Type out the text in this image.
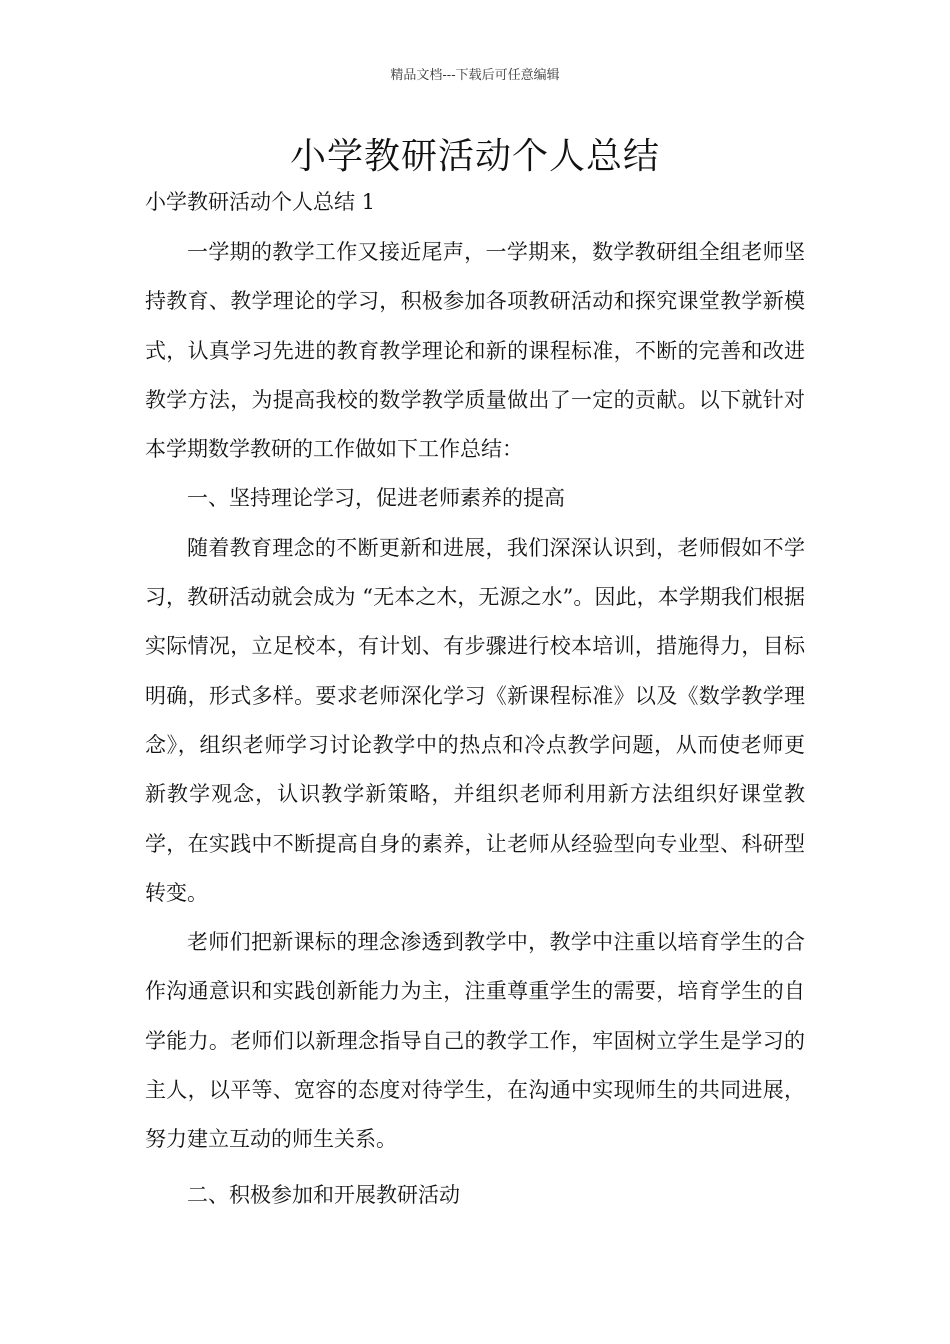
精品文档---下载后可任意编辑
小学教研活动个人总结

小学教研活动个人总结 1

一学期的教学工作又接近尾声，一学期来，数学教研组全组老师坚持教育、教学理论的学习，积极参加各项教研活动和探究课堂教学新模式，认真学习先进的教育教学理论和新的课程标准，不断的完善和改进教学方法，为提高我校的数学教学质量做出了一定的贡献。以下就针对本学期数学教研的工作做如下工作总结：

一、坚持理论学习，促进老师素养的提高

随着教育理念的不断更新和进展，我们深深认识到，老师假如不学习，教研活动就会成为 “无本之木，无源之水”。因此，本学期我们根据实际情况，立足校本，有计划、有步骤进行校本培训，措施得力，目标明确，形式多样。要求老师深化学习《新课程标准》以及《数学教学理念》，组织老师学习讨论教学中的热点和冷点教学问题，从而使老师更新教学观念，认识教学新策略，并组织老师利用新方法组织好课堂教学，在实践中不断提高自身的素养，让老师从经验型向专业型、科研型转变。

老师们把新课标的理念渗透到教学中，教学中注重以培育学生的合作沟通意识和实践创新能力为主，注重尊重学生的需要，培育学生的自学能力。老师们以新理念指导自己的教学工作，牢固树立学生是学习的主人，以平等、宽容的态度对待学生，在沟通中实现师生的共同进展，努力建立互动的师生关系。

二、积极参加和开展教研活动
